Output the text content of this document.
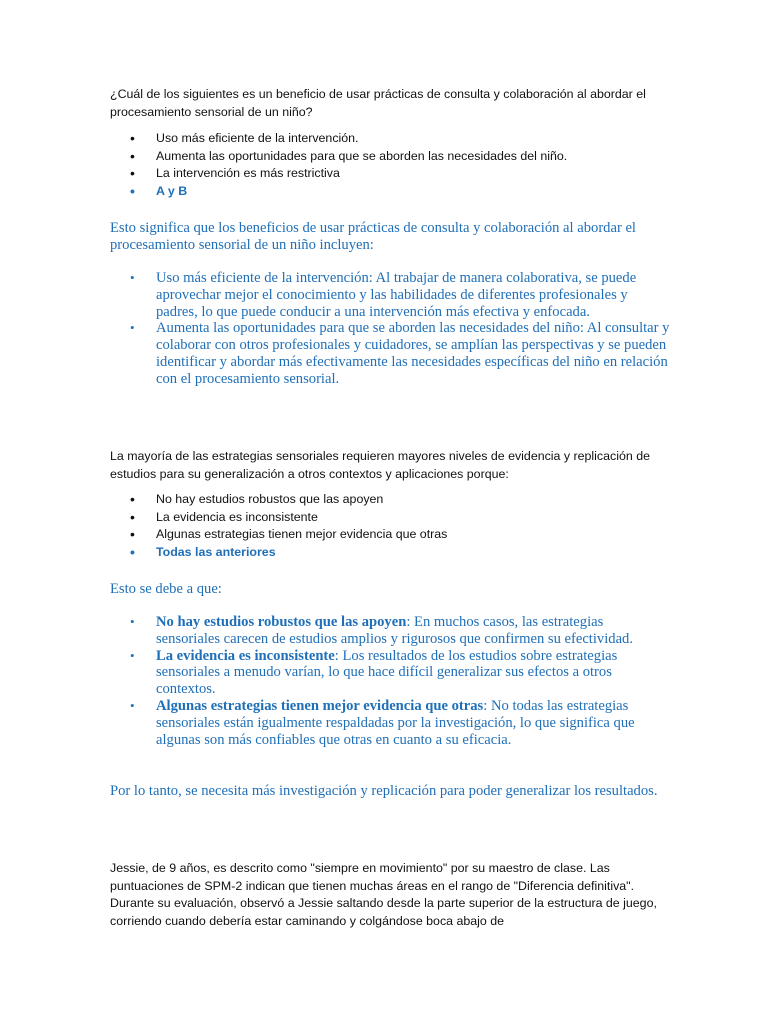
¿Cuál de los siguientes es un beneficio de usar prácticas de consulta y colaboración al abordar el procesamiento sensorial de un niño?

• Uso más eficiente de la intervención.
• Aumenta las oportunidades para que se aborden las necesidades del niño.
• La intervención es más restrictiva
• A y B

Esto significa que los beneficios de usar prácticas de consulta y colaboración al abordar el procesamiento sensorial de un niño incluyen:

• Uso más eficiente de la intervención: Al trabajar de manera colaborativa, se puede aprovechar mejor el conocimiento y las habilidades de diferentes profesionales y padres, lo que puede conducir a una intervención más efectiva y enfocada.
• Aumenta las oportunidades para que se aborden las necesidades del niño: Al consultar y colaborar con otros profesionales y cuidadores, se amplían las perspectivas y se pueden identificar y abordar más efectivamente las necesidades específicas del niño en relación con el procesamiento sensorial.

La mayoría de las estrategias sensoriales requieren mayores niveles de evidencia y replicación de estudios para su generalización a otros contextos y aplicaciones porque:

• No hay estudios robustos que las apoyen
• La evidencia es inconsistente
• Algunas estrategias tienen mejor evidencia que otras
• Todas las anteriores

Esto se debe a que:

• No hay estudios robustos que las apoyen: En muchos casos, las estrategias sensoriales carecen de estudios amplios y rigurosos que confirmen su efectividad.
• La evidencia es inconsistente: Los resultados de los estudios sobre estrategias sensoriales a menudo varían, lo que hace difícil generalizar sus efectos a otros contextos.
• Algunas estrategias tienen mejor evidencia que otras: No todas las estrategias sensoriales están igualmente respaldadas por la investigación, lo que significa que algunas son más confiables que otras en cuanto a su eficacia.

Por lo tanto, se necesita más investigación y replicación para poder generalizar los resultados.

Jessie, de 9 años, es descrito como "siempre en movimiento" por su maestro de clase. Las puntuaciones de SPM-2 indican que tienen muchas áreas en el rango de "Diferencia definitiva". Durante su evaluación, observó a Jessie saltando desde la parte superior de la estructura de juego, corriendo cuando debería estar caminando y colgándose boca abajo de
